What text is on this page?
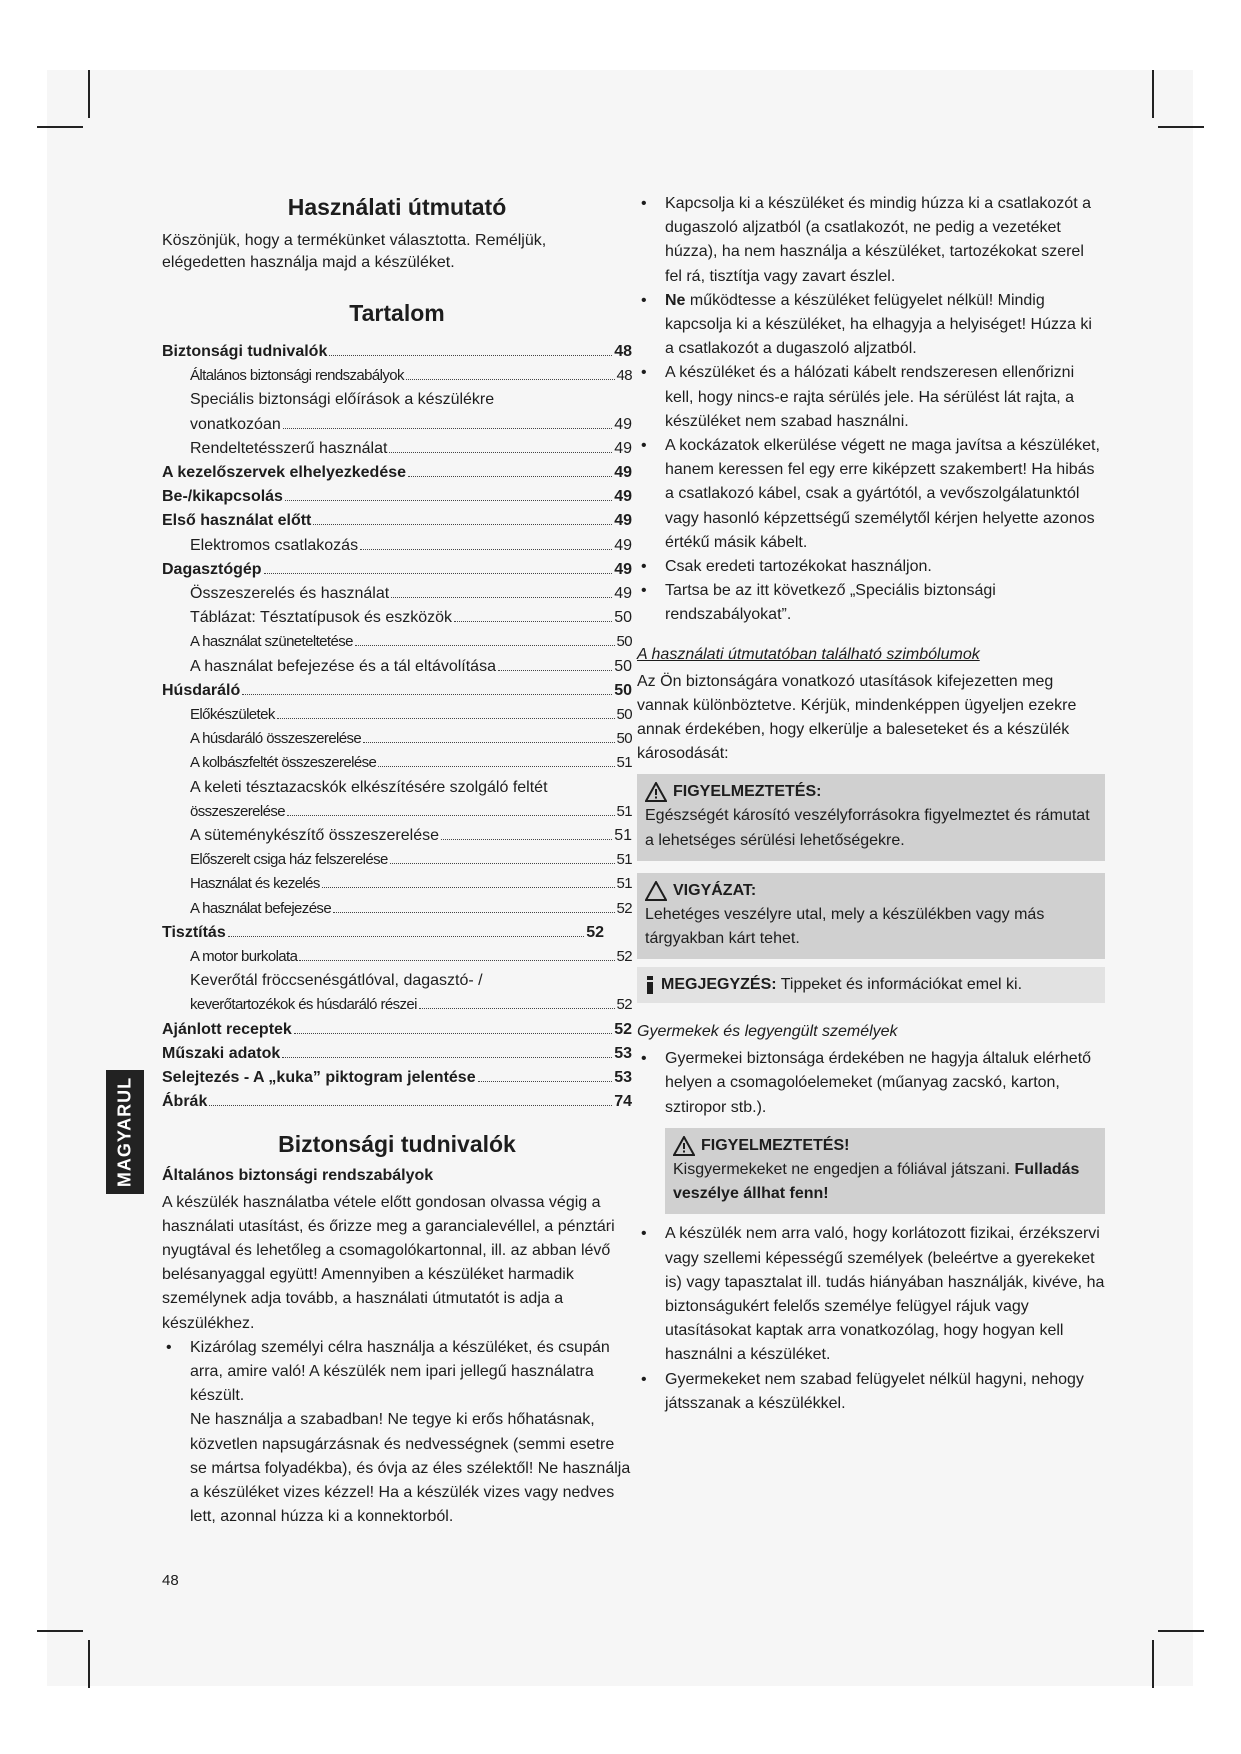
Használati útmutató

Köszönjük, hogy a termékünket választotta. Reméljük, elégedetten használja majd a készüléket.

Tartalom
Biztonsági tudnivalók	48
Általános biztonsági rendszabályok	48
Speciális biztonsági előírások a készülékre
vonatkozóan	49
Rendeltetésszerű használat	49
A kezelőszervek elhelyezkedése	49
Be-/kikapcsolás	49
Első használat előtt	49
Elektromos csatlakozás	49
Dagasztógép	49
Összeszerelés és használat	49
Táblázat: Tésztatípusok és eszközök	50
A használat szüneteltetése	50
A használat befejezése és a tál eltávolítása	50
Húsdaráló	50
Előkészületek	50
A húsdaráló összeszerelése	50
A kolbászfeltét összeszerelése	51
A keleti tésztazacskók elkészítésére szolgáló feltét
összeszerelése	51
A süteménykészítő összeszerelése	51
Előszerelt csiga ház felszerelése	51
Használat és kezelés	51
A használat befejezése	52
Tisztítás	52
A motor burkolata	52
Keverőtál fröccsenésgátlóval, dagasztó- /
keverőtartozékok és húsdaráló részei	52
Ajánlott receptek	52
Műszaki adatok	53
Selejtezés - A „kuka” piktogram jelentése	53
Ábrák	74
Biztonsági tudnivalók
Általános biztonsági rendszabályok

A készülék használatba vétele előtt gondosan olvassa végig a használati utasítást, és őrizze meg a garancialevéllel, a pénztári nyugtával és lehetőleg a csomagolókartonnal, ill. az abban lévő belésanyaggal együtt! Amennyiben a készüléket harmadik személynek adja tovább, a használati útmutatót is adja a készülékhez.

• Kizárólag személyi célra használja a készüléket, és csupán arra, amire való! A készülék nem ipari jellegű használatra készült.
Ne használja a szabadban! Ne tegye ki erős hőhatásnak, közvetlen napsugárzásnak és nedvességnek (semmi esetre se mártsa folyadékba), és óvja az éles szélektől! Ne használja a készüléket vizes kézzel! Ha a készülék vizes vagy nedves lett, azonnal húzza ki a konnektorból.
• Kapcsolja ki a készüléket és mindig húzza ki a csatlakozót a dugaszoló aljzatból (a csatlakozót, ne pedig a vezetéket húzza), ha nem használja a készüléket, tartozékokat szerel fel rá, tisztítja vagy zavart észlel.
• Ne működtesse a készüléket felügyelet nélkül! Mindig kapcsolja ki a készüléket, ha elhagyja a helyiséget! Húzza ki a csatlakozót a dugaszoló aljzatból.
• A készüléket és a hálózati kábelt rendszeresen ellenőrizni kell, hogy nincs-e rajta sérülés jele. Ha sérülést lát rajta, a készüléket nem szabad használni.
• A kockázatok elkerülése végett ne maga javítsa a készüléket, hanem keressen fel egy erre kiképzett szakembert! Ha hibás a csatlakozó kábel, csak a gyártótól, a vevőszolgálatunktól vagy hasonló képzettségű személytől kérjen helyette azonos értékű másik kábelt.
• Csak eredeti tartozékokat használjon.
• Tartsa be az itt következő „Speciális biztonsági rendszabályokat”.
A használati útmutatóban található szimbólumok

Az Ön biztonságára vonatkozó utasítások kifejezetten meg vannak különböztetve. Kérjük, mindenképpen ügyeljen ezekre annak érdekében, hogy elkerülje a baleseteket és a készülék károsodását:

FIGYELMEZTETÉS:
Egészségét károsító veszélyforrásokra figyelmeztet és rámutat a lehetséges sérülési lehetőségekre.
VIGYÁZAT:
Lehetéges veszélyre utal, mely a készülékben vagy más tárgyakban kárt tehet.
MEGJEGYZÉS: Tippeket és információkat emel ki.
Gyermekek és legyengült személyek
• Gyermekei biztonsága érdekében ne hagyja általuk elérhető helyen a csomagolóelemeket (műanyag zacskó, karton, sztiropor stb.).
FIGYELMEZTETÉS!
Kisgyermekeket ne engedjen a fóliával játszani. Fulladás veszélye állhat fenn!
• A készülék nem arra való, hogy korlátozott fizikai, érzékszervi vagy szellemi képességű személyek (beleértve a gyerekeket is) vagy tapasztalat ill. tudás hiányában használják, kivéve, ha biztonságukért felelős személye felügyel rájuk vagy utasításokat kaptak arra vonatkozólag, hogy hogyan kell használni a készüléket.
• Gyermekeket nem szabad felügyelet nélkül hagyni, nehogy játsszanak a készülékkel.
MAGYARUL
48
